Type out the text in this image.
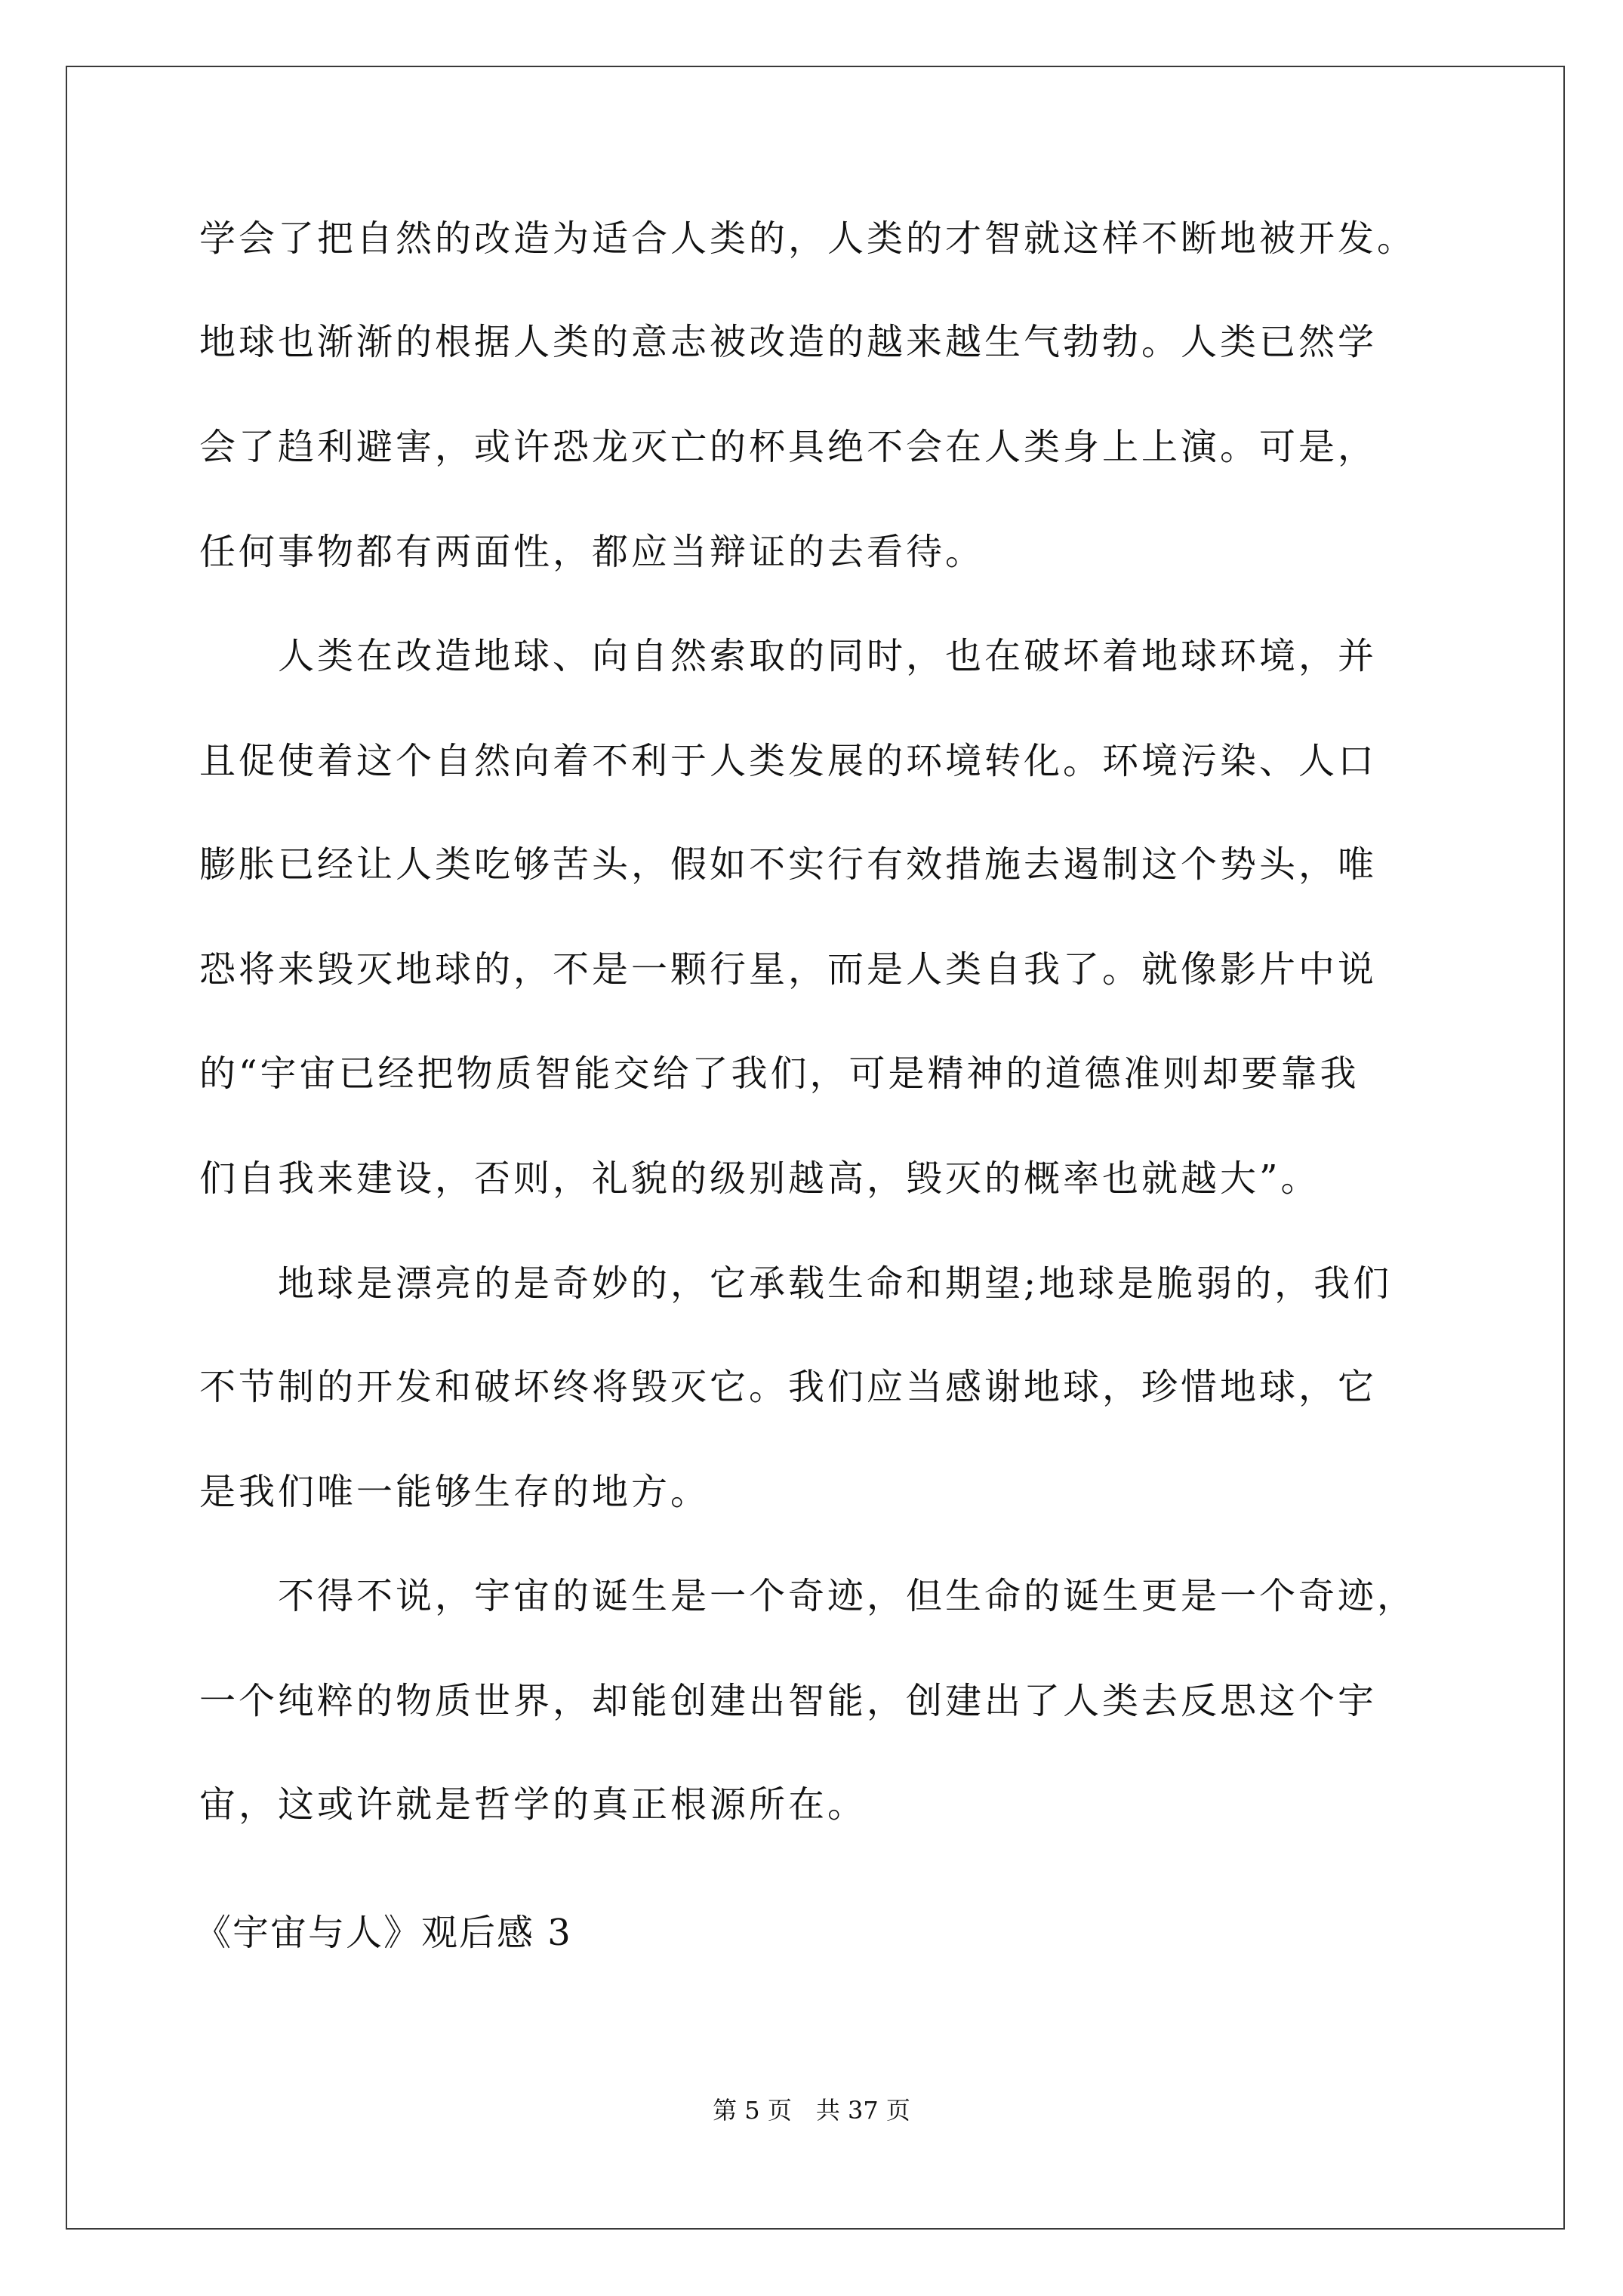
学会了把自然的改造为适合人类的，人类的才智就这样不断地被开发。
地球也渐渐的根据人类的意志被改造的越来越生气勃勃。人类已然学
会了趋利避害，或许恐龙灭亡的杯具绝不会在人类身上上演。可是，
任何事物都有两面性，都应当辩证的去看待。
　　人类在改造地球、向自然索取的同时，也在破坏着地球环境，并
且促使着这个自然向着不利于人类发展的环境转化。环境污染、人口
膨胀已经让人类吃够苦头，假如不实行有效措施去遏制这个势头，唯
恐将来毁灭地球的，不是一颗行星，而是人类自我了。就像影片中说
的“宇宙已经把物质智能交给了我们，可是精神的道德准则却要靠我
们自我来建设，否则，礼貌的级别越高，毁灭的概率也就越大”。
　　地球是漂亮的是奇妙的，它承载生命和期望;地球是脆弱的，我们
不节制的开发和破坏终将毁灭它。我们应当感谢地球，珍惜地球，它
是我们唯一能够生存的地方。
　　不得不说，宇宙的诞生是一个奇迹，但生命的诞生更是一个奇迹，
一个纯粹的物质世界，却能创建出智能，创建出了人类去反思这个宇
宙，这或许就是哲学的真正根源所在。
《宇宙与人》观后感 3
第 5 页　共 37 页
